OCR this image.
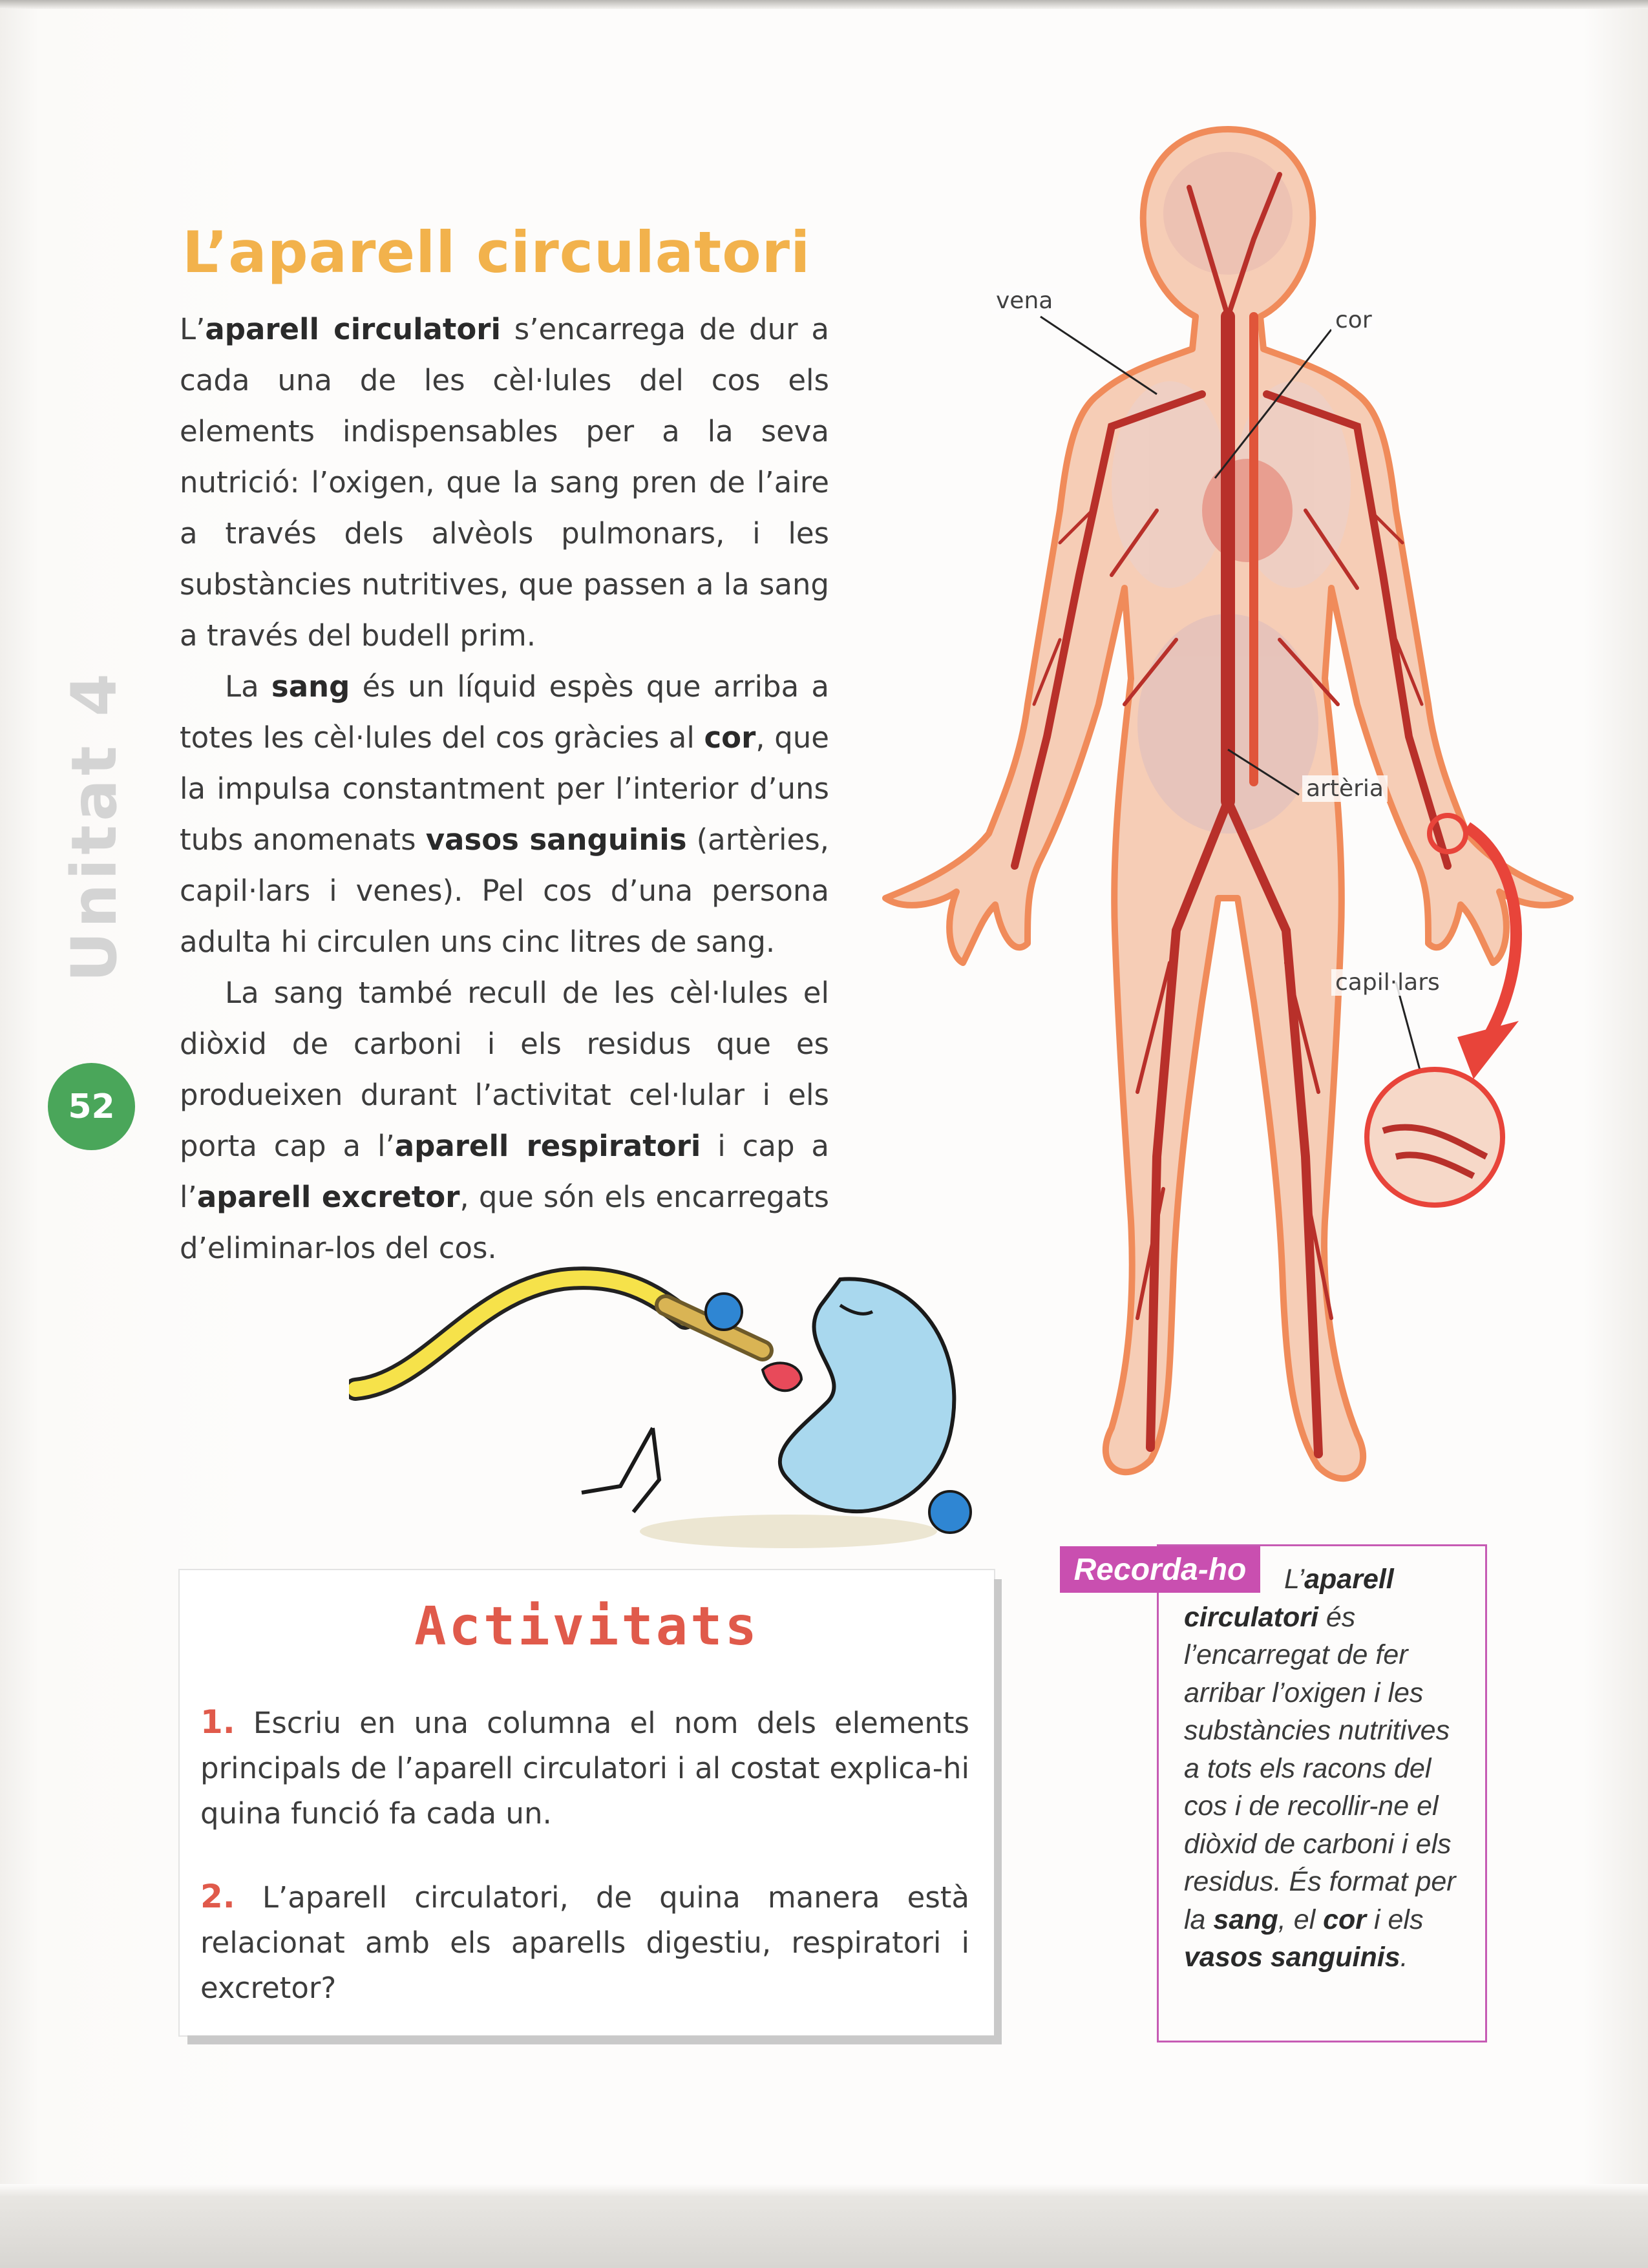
L’aparell circulatori
Unitat 4
52

L’aparell circulatori s’encarrega de dur a cada una de les cèl·lules del cos els elements indispensables per a la seva nutrició: l’oxigen, que la sang pren de l’aire a través dels alvèols pulmonars, i les substàncies nutritives, que passen a la sang a través del budell prim.

La sang és un líquid espès que arriba a totes les cèl·lules del cos gràcies al cor, que la impulsa constantment per l’interior d’uns tubs anomenats vasos sanguinis (artèries, capil·lars i venes). Pel cos d’una persona adulta hi circulen uns cinc litres de sang.

La sang també recull de les cèl·lules el diòxid de carboni i els residus que es produeixen durant l’activitat cel·lular i els porta cap a l’aparell respiratori i cap a l’aparell excretor, que són els encarregats d’eliminar-los del cos.

vena
cor
artèria
capil·lars
Activitats
1. Escriu en una columna el nom dels elements principals de l’aparell circulatori i al costat explica-hi quina funció fa cada un.
2. L’aparell circulatori, de quina manera està relacionat amb els aparells digestiu, respiratori i excretor?
Recorda-ho	L’aparell circulatori és l’encarregat de fer arribar l’oxigen i les substàncies nutritives a tots els racons del cos i de recollir-ne el diòxid de carboni i els residus. És format per la sang, el cor i els vasos sanguinis.
